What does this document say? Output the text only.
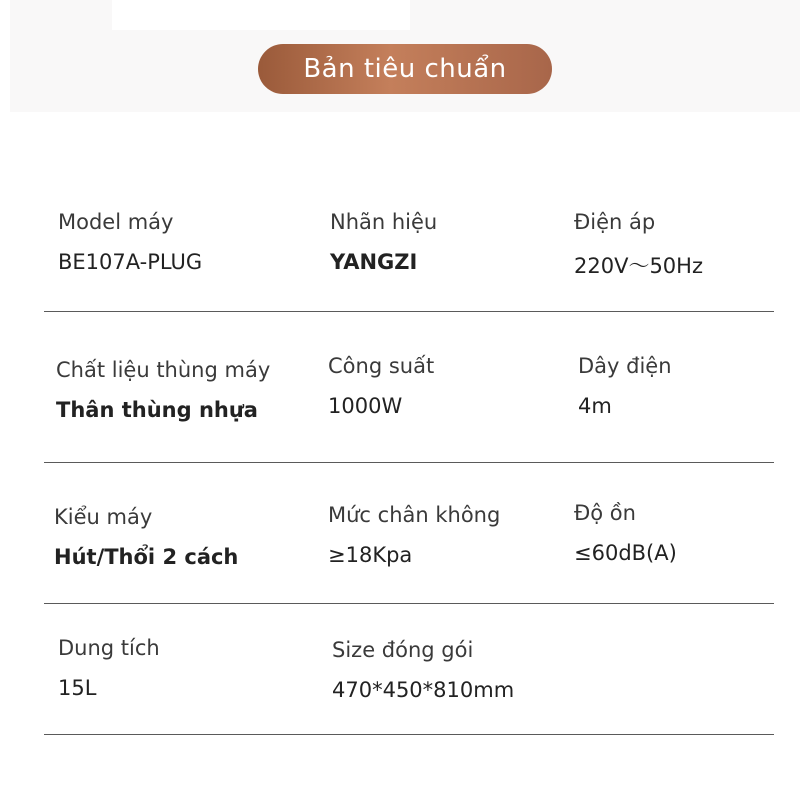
Bản tiêu chuẩn
Model máy
BE107A-PLUG
Nhãn hiệu
YANGZI
Điện áp
220V～50Hz
Chất liệu thùng máy
Thân thùng nhựa
Công suất
1000W
Dây điện
4m
Kiểu máy
Hút/Thổi 2 cách
Mức chân không
≥18Kpa
Độ ồn
≤60dB(A)
Dung tích
15L
Size đóng gói
470*450*810mm
